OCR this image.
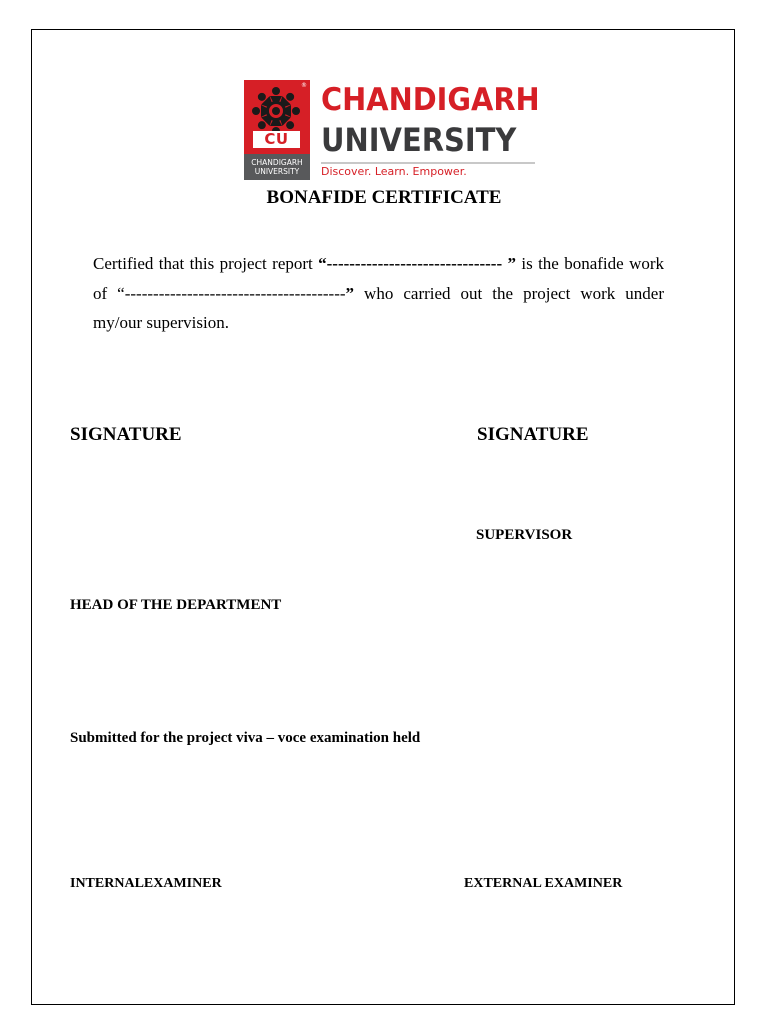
®
CU
CHANDIGARH
UNIVERSITY
CHANDIGARH
UNIVERSITY
Discover. Learn. Empower.
BONAFIDE CERTIFICATE

Certified that this project report “------------------------------- ” is the bonafide work of “---------------------------------------” who carried out the project work under my/our supervision.

SIGNATURE	SIGNATURE
SUPERVISOR
HEAD OF THE DEPARTMENT
Submitted for the project viva – voce examination held
INTERNALEXAMINER	EXTERNAL EXAMINER
